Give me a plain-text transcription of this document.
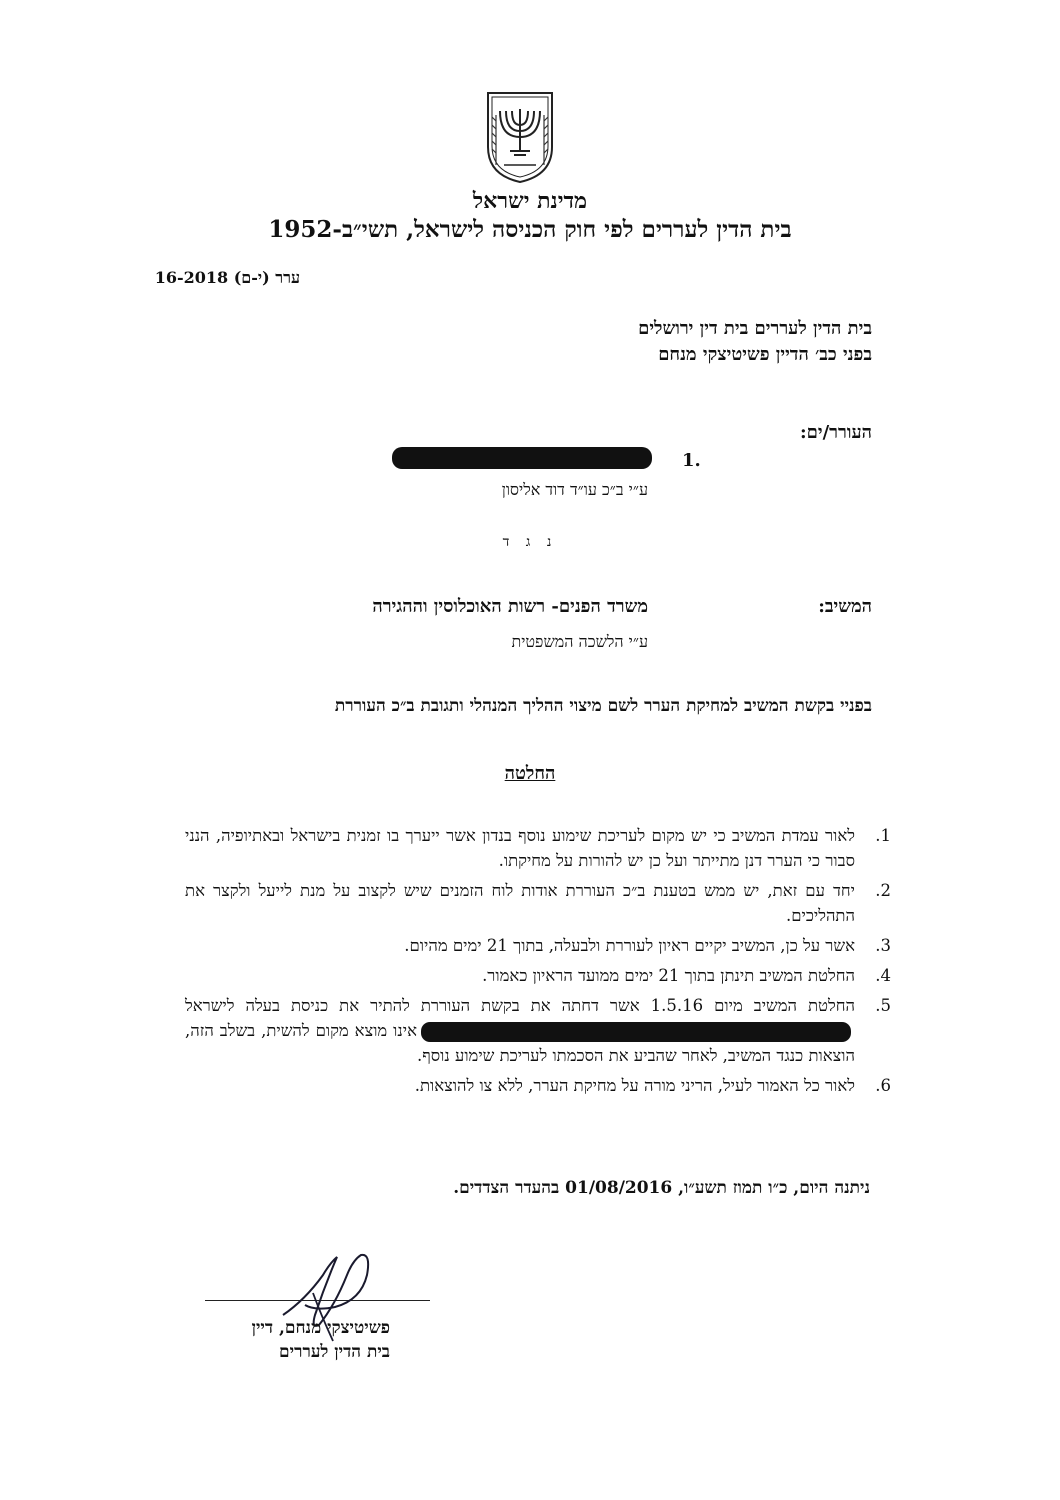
מדינת ישראל
בית הדין לעררים לפי חוק הכניסה לישראל, תשי״ב-1952
ערר (י-ם) 16-2018
בית הדין לעררים בית דין ירושלים
בפני כב׳ הדיין פשיטיצקי מנחם
העורר/ים:
1.
ע״י ב״כ עו״ד דוד אליסון
נ ג ד
המשיב:
משרד הפנים- רשות האוכלוסין וההגירה
ע״י הלשכה המשפטית
בפניי בקשת המשיב למחיקת הערר לשם מיצוי ההליך המנהלי ותגובת ב״כ העוררת
החלטה
1.
לאור עמדת המשיב כי יש מקום לעריכת שימוע נוסף בנדון אשר ייערך בו זמנית בישראל ובאתיופיה, הנני סבור כי הערר דנן מתייתר ועל כן יש להורות על מחיקתו.
2.
יחד עם זאת, יש ממש בטענת ב״כ העוררת אודות לוח הזמנים שיש לקצוב על מנת לייעל ולקצר את התהליכים.
3.
אשר על כן, המשיב יקיים ראיון לעוררת ולבעלה, בתוך 21 ימים מהיום.
4.
החלטת המשיב תינתן בתוך 21 ימים ממועד הראיון כאמור.
5.
החלטת המשיב מיום 1.5.16 אשר דחתה את בקשת העוררת להתיר את כניסת בעלה לישראלאינו מוצא מקום להשית, בשלב הזה, הוצאות כנגד המשיב, לאחר שהביע את הסכמתו לעריכת שימוע נוסף.
6.
לאור כל האמור לעיל, הריני מורה על מחיקת הערר, ללא צו להוצאות.
ניתנה היום, כ״ו תמוז תשע״ו, 01/08/2016 בהעדר הצדדים.
פשיטיצקי מנחם, דיין
בית הדין לעררים
